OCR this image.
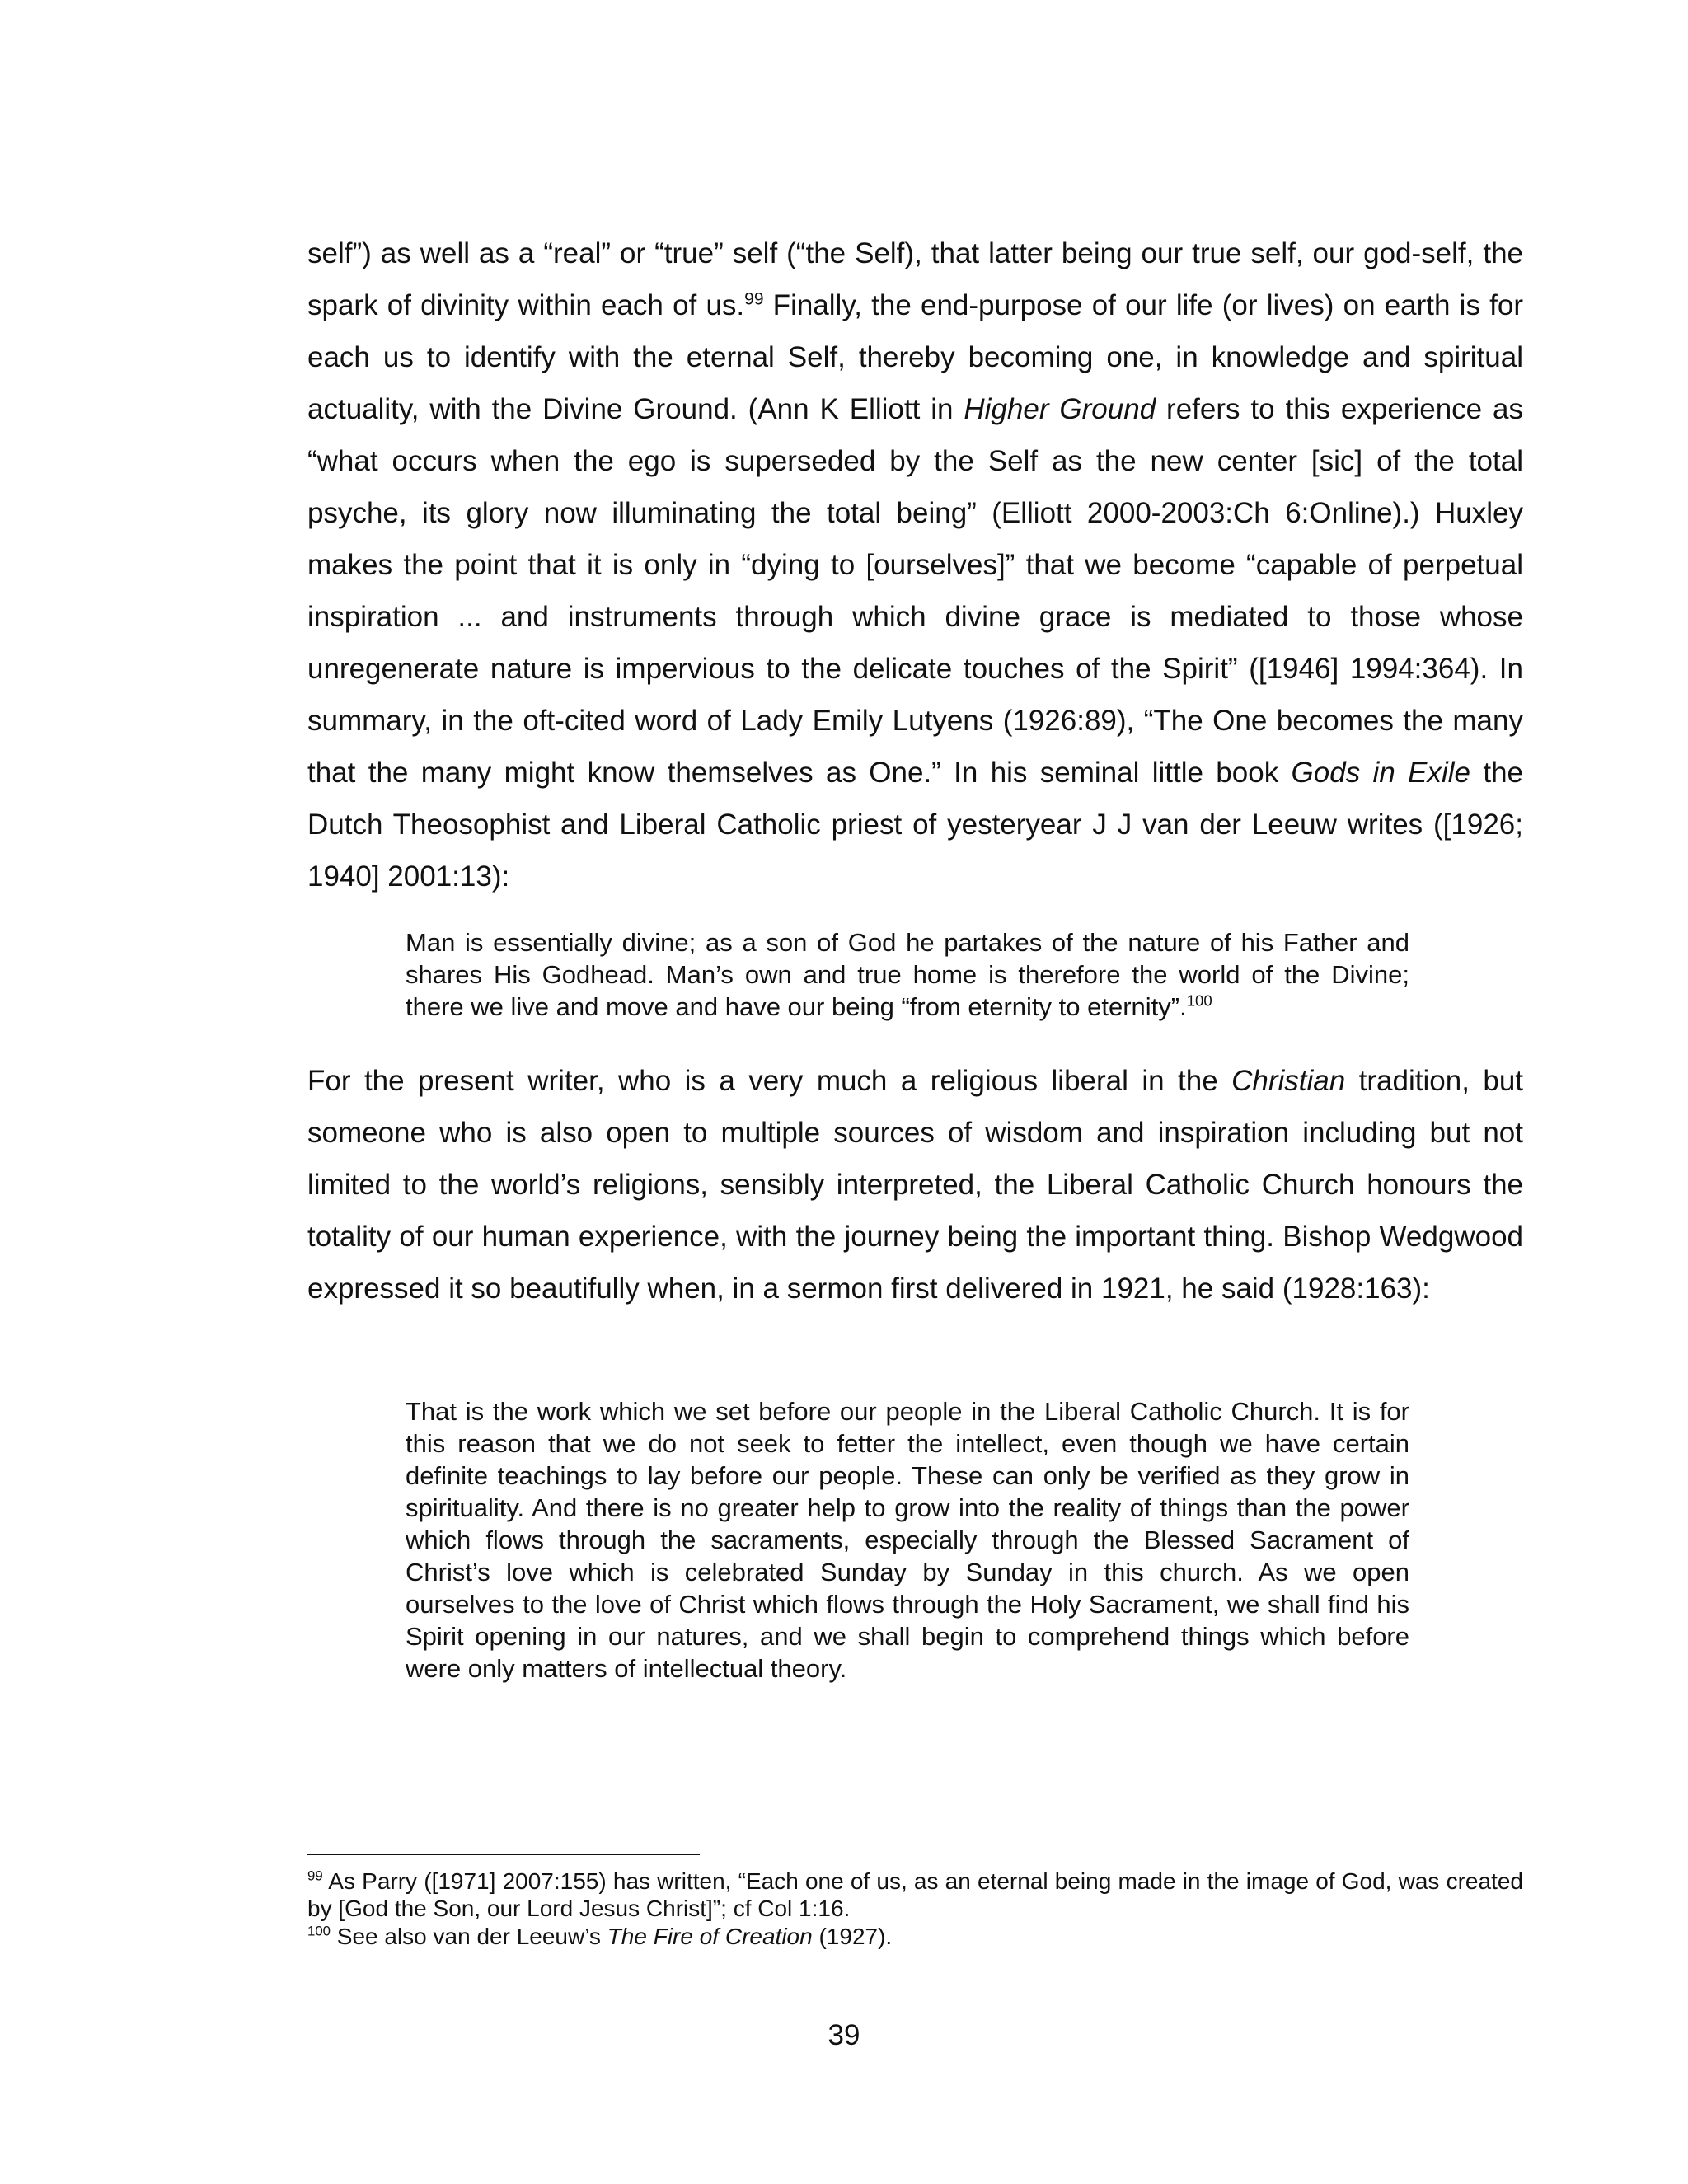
self”) as well as a “real” or “true” self (“the Self), that latter being our true self, our god-self, the spark of divinity within each of us.$^{99}$ Finally, the end-purpose of our life (or lives) on earth is for each us to identify with the eternal Self, thereby becoming one, in knowledge and spiritual actuality, with the Divine Ground. (Ann K Elliott in Higher Ground refers to this experience as “what occurs when the ego is superseded by the Self as the new center [sic] of the total psyche, its glory now illuminating the total being” (Elliott 2000-2003:Ch 6:Online).) Huxley makes the point that it is only in “dying to [ourselves]” that we become “capable of perpetual inspiration ... and instruments through which divine grace is mediated to those whose unregenerate nature is impervious to the delicate touches of the Spirit” ([1946] 1994:364). In summary, in the oft-cited word of Lady Emily Lutyens (1926:89), “The One becomes the many that the many might know themselves as One.” In his seminal little book Gods in Exile the Dutch Theosophist and Liberal Catholic priest of yesteryear J J van der Leeuw writes ([1926; 1940] 2001:13):

Man is essentially divine; as a son of God he partakes of the nature of his Father and shares His Godhead. Man’s own and true home is therefore the world of the Divine; there we live and move and have our being “from eternity to eternity”.$^{100}$

For the present writer, who is a very much a religious liberal in the Christian tradition, but someone who is also open to multiple sources of wisdom and inspiration including but not limited to the world’s religions, sensibly interpreted, the Liberal Catholic Church honours the totality of our human experience, with the journey being the important thing. Bishop Wedgwood expressed it so beautifully when, in a sermon first delivered in 1921, he said (1928:163):

That is the work which we set before our people in the Liberal Catholic Church. It is for this reason that we do not seek to fetter the intellect, even though we have certain definite teachings to lay before our people. These can only be verified as they grow in spirituality. And there is no greater help to grow into the reality of things than the power which flows through the sacraments, especially through the Blessed Sacrament of Christ’s love which is celebrated Sunday by Sunday in this church. As we open ourselves to the love of Christ which flows through the Holy Sacrament, we shall find his Spirit opening in our natures, and we shall begin to comprehend things which before were only matters of intellectual theory.

$^{99}$ As Parry ([1971] 2007:155) has written, “Each one of us, as an eternal being made in the image of God, was created by [God the Son, our Lord Jesus Christ]”; cf Col 1:16.

$^{100}$ See also van der Leeuw’s The Fire of Creation (1927).

39
